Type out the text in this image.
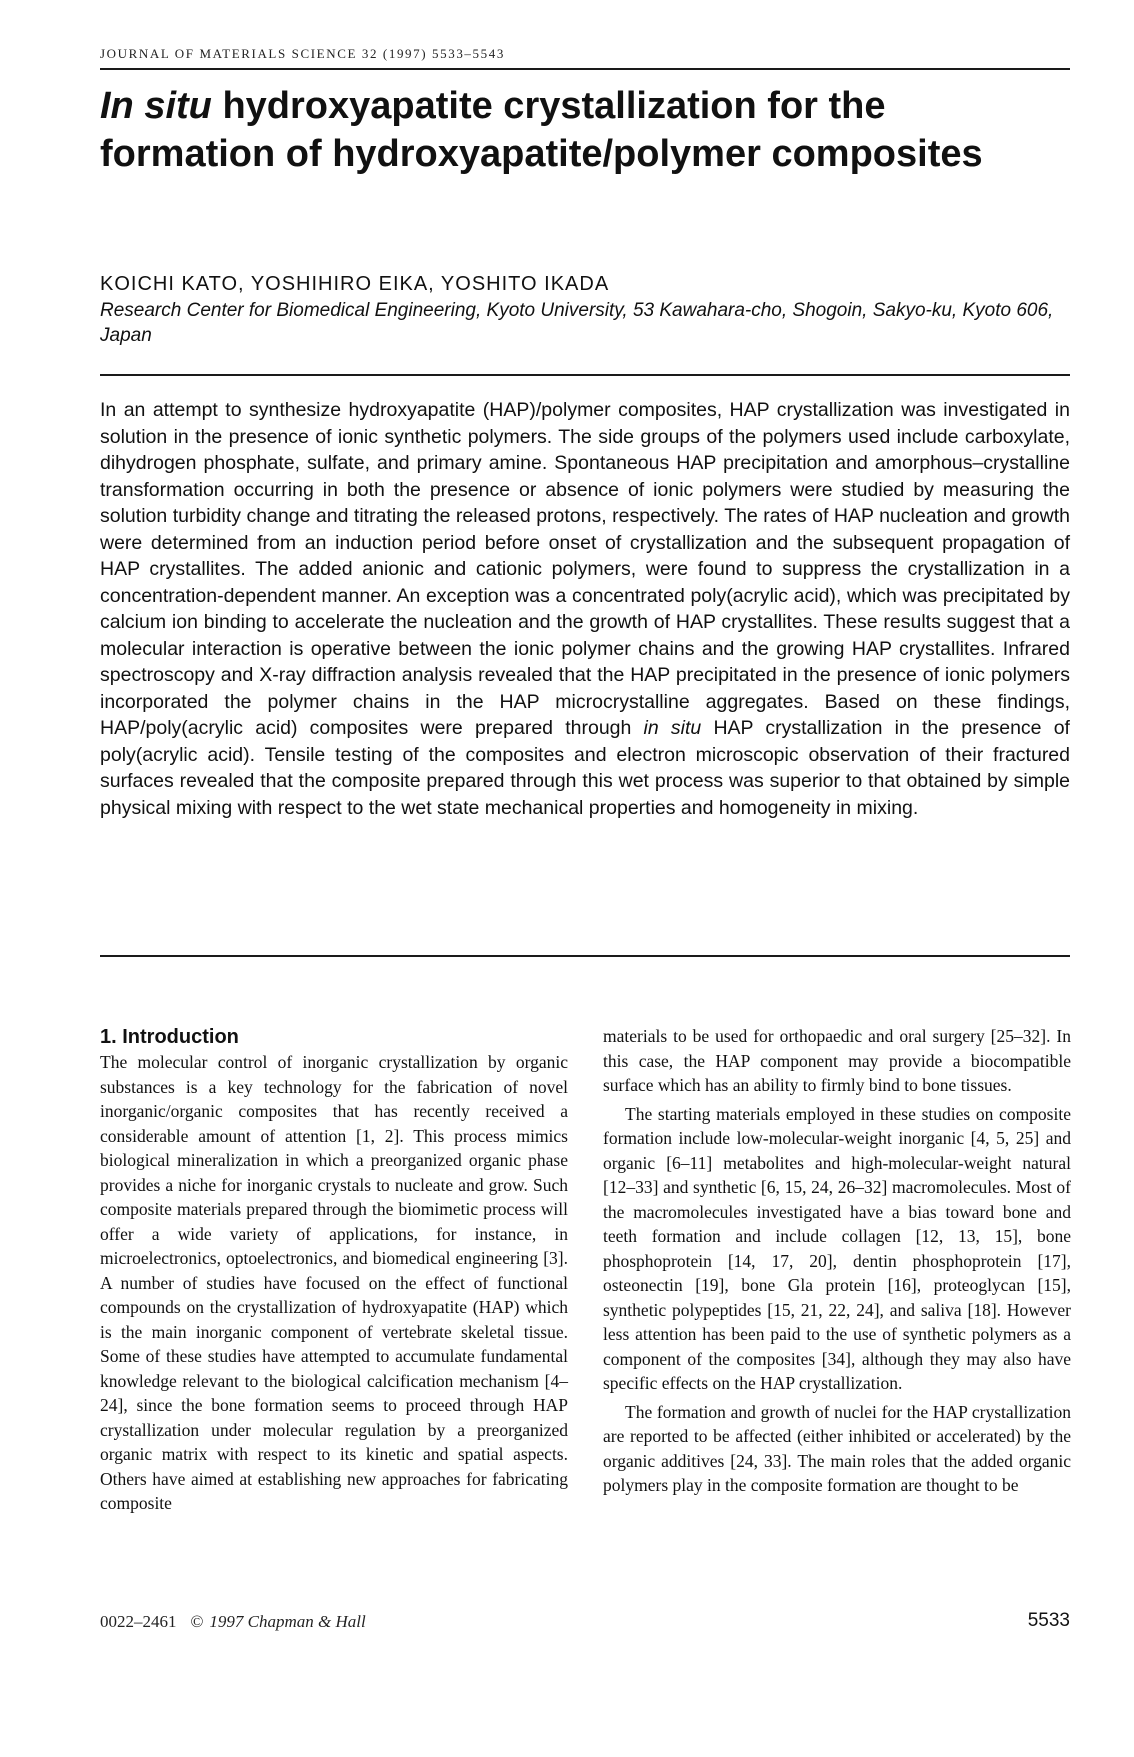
JOURNAL OF MATERIALS SCIENCE 32 (1997) 5533–5543
In situ hydroxyapatite crystallization for the formation of hydroxyapatite/polymer composites
KOICHI KATO, YOSHIHIRO EIKA, YOSHITO IKADA
Research Center for Biomedical Engineering, Kyoto University, 53 Kawahara-cho, Shogoin, Sakyo-ku, Kyoto 606, Japan

In an attempt to synthesize hydroxyapatite (HAP)/polymer composites, HAP crystallization was investigated in solution in the presence of ionic synthetic polymers. The side groups of the polymers used include carboxylate, dihydrogen phosphate, sulfate, and primary amine. Spontaneous HAP precipitation and amorphous–crystalline transformation occurring in both the presence or absence of ionic polymers were studied by measuring the solution turbidity change and titrating the released protons, respectively. The rates of HAP nucleation and growth were determined from an induction period before onset of crystallization and the subsequent propagation of HAP crystallites. The added anionic and cationic polymers, were found to suppress the crystallization in a concentration-dependent manner. An exception was a concentrated poly(acrylic acid), which was precipitated by calcium ion binding to accelerate the nucleation and the growth of HAP crystallites. These results suggest that a molecular interaction is operative between the ionic polymer chains and the growing HAP crystallites. Infrared spectroscopy and X-ray diffraction analysis revealed that the HAP precipitated in the presence of ionic polymers incorporated the polymer chains in the HAP microcrystalline aggregates. Based on these findings, HAP/poly(acrylic acid) composites were prepared through in situ HAP crystallization in the presence of poly(acrylic acid). Tensile testing of the composites and electron microscopic observation of their fractured surfaces revealed that the composite prepared through this wet process was superior to that obtained by simple physical mixing with respect to the wet state mechanical properties and homogeneity in mixing.

1. Introduction

The molecular control of inorganic crystallization by organic substances is a key technology for the fabrication of novel inorganic/organic composites that has recently received a considerable amount of attention [1, 2]. This process mimics biological mineralization in which a preorganized organic phase provides a niche for inorganic crystals to nucleate and grow. Such composite materials prepared through the biomimetic process will offer a wide variety of applications, for instance, in microelectronics, optoelectronics, and biomedical engineering [3]. A number of studies have focused on the effect of functional compounds on the crystallization of hydroxyapatite (HAP) which is the main inorganic component of vertebrate skeletal tissue. Some of these studies have attempted to accumulate fundamental knowledge relevant to the biological calcification mechanism [4–24], since the bone formation seems to proceed through HAP crystallization under molecular regulation by a preorganized organic matrix with respect to its kinetic and spatial aspects. Others have aimed at establishing new approaches for fabricating composite

materials to be used for orthopaedic and oral surgery [25–32]. In this case, the HAP component may provide a biocompatible surface which has an ability to firmly bind to bone tissues.

The starting materials employed in these studies on composite formation include low-molecular-weight inorganic [4, 5, 25] and organic [6–11] metabolites and high-molecular-weight natural [12–33] and synthetic [6, 15, 24, 26–32] macromolecules. Most of the macromolecules investigated have a bias toward bone and teeth formation and include collagen [12, 13, 15], bone phosphoprotein [14, 17, 20], dentin phosphoprotein [17], osteonectin [19], bone Gla protein [16], proteoglycan [15], synthetic polypeptides [15, 21, 22, 24], and saliva [18]. However less attention has been paid to the use of synthetic polymers as a component of the composites [34], although they may also have specific effects on the HAP crystallization.

The formation and growth of nuclei for the HAP crystallization are reported to be affected (either inhibited or accelerated) by the organic additives [24, 33]. The main roles that the added organic polymers play in the composite formation are thought to be

0022–2461 © 1997 Chapman & Hall	5533
